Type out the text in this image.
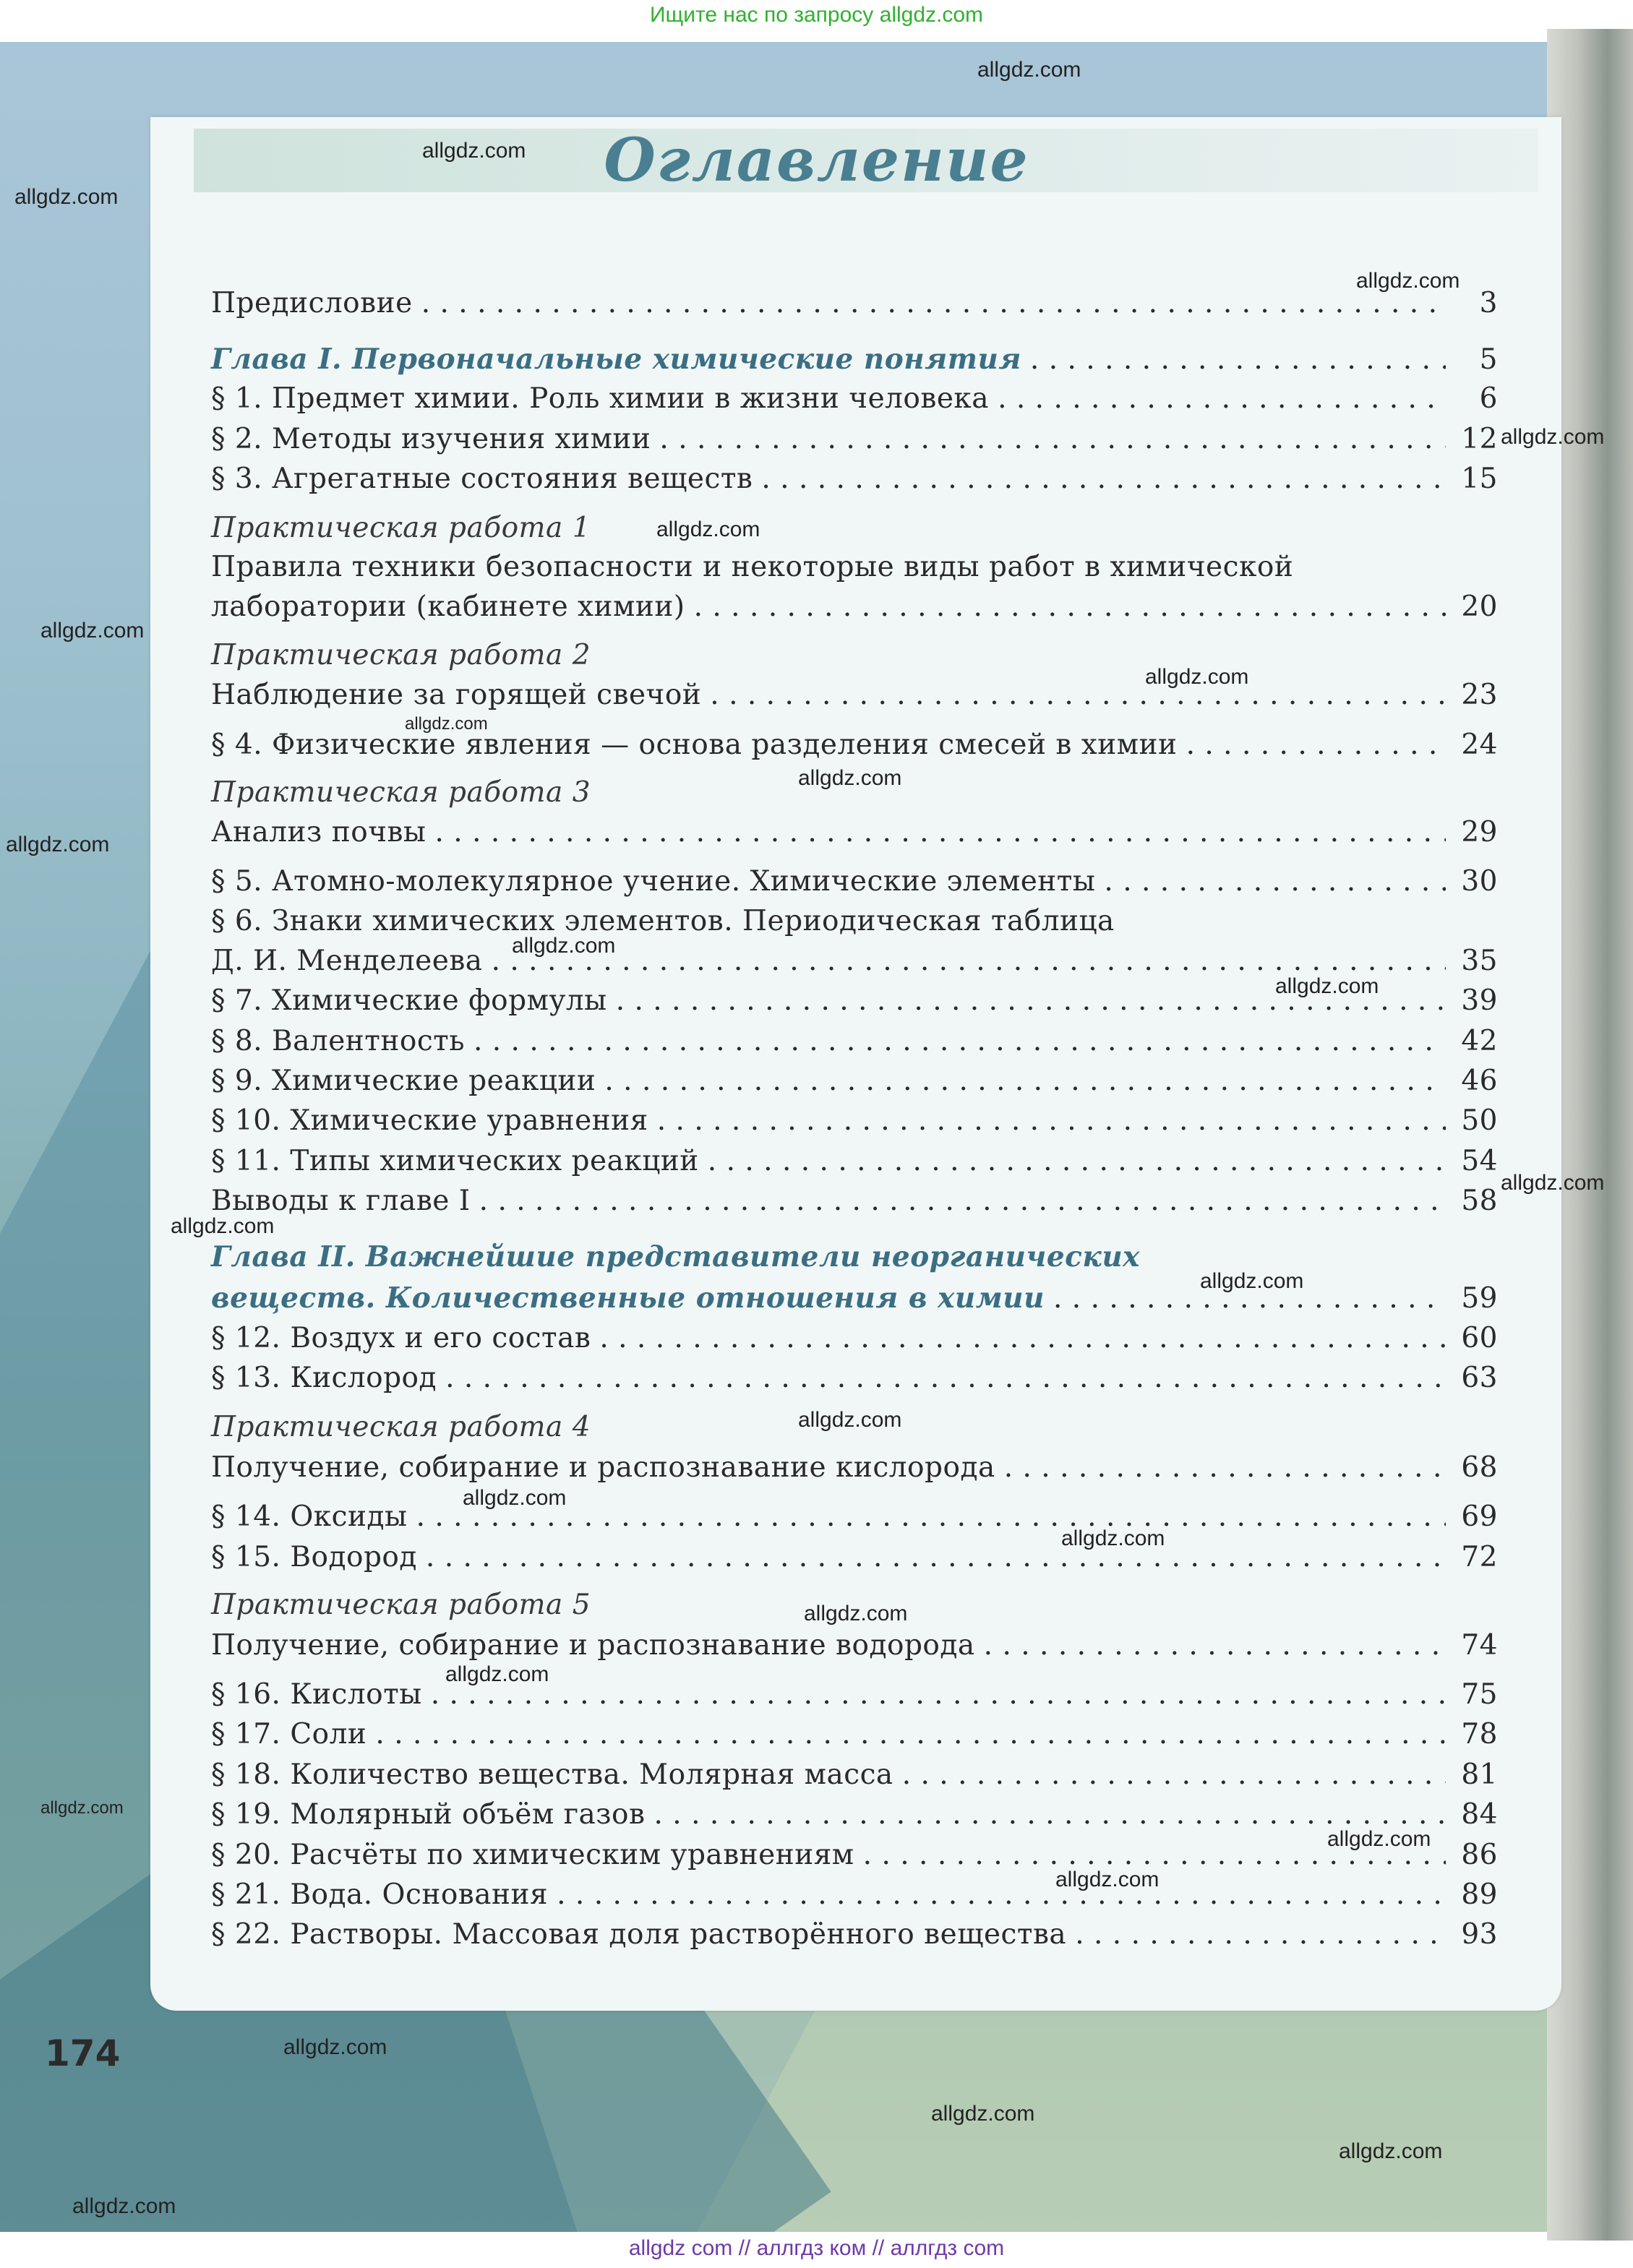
Оглавление
Ищите нас по запросу allgdz.com
Предисловие . . .	3
Глава I. Первоначальные химические понятия . . .	5
§ 1. Предмет химии. Роль химии в жизни человека . . .	6
§ 2. Методы изучения химии . . .	12
§ 3. Агрегатные состояния веществ . . .	15
Практическая работа 1
Правила техники безопасности и некоторые виды работ в химической
лаборатории (кабинете химии) . . .	20
Практическая работа 2
Наблюдение за горящей свечой . . .	23
§ 4. Физические явления — основа разделения смесей в химии . . .	24
Практическая работа 3
Анализ почвы . . .	29
§ 5. Атомно-молекулярное учение. Химические элементы . . .	30
§ 6. Знаки химических элементов. Периодическая таблица
Д. И. Менделеева . . .	35
§ 7. Химические формулы . . .	39
§ 8. Валентность . . .	42
§ 9. Химические реакции . . .	46
§ 10. Химические уравнения . . .	50
§ 11. Типы химических реакций . . .	54
Выводы к главе I . . .	58
Глава II. Важнейшие представители неорганических
веществ. Количественные отношения в химии . . .	59
§ 12. Воздух и его состав . . .	60
§ 13. Кислород . . .	63
Практическая работа 4
Получение, собирание и распознавание кислорода . . .	68
§ 14. Оксиды . . .	69
§ 15. Водород . . .	72
Практическая работа 5
Получение, собирание и распознавание водорода . . .	74
§ 16. Кислоты . . .	75
§ 17. Соли . . .	78
§ 18. Количество вещества. Молярная масса . . .	81
§ 19. Молярный объём газов . . .	84
§ 20. Расчёты по химическим уравнениям . . .	86
§ 21. Вода. Основания . . .	89
§ 22. Растворы. Массовая доля растворённого вещества . . .	93
174
allgdz.com
allgdz.com
allgdz.com
allgdz.com
allgdz.com
allgdz.com
allgdz.com
allgdz.com
allgdz.com
allgdz.com
allgdz.com
allgdz.com
allgdz.com
allgdz.com
allgdz.com
allgdz.com
allgdz.com
allgdz.com
allgdz.com
allgdz.com
allgdz.com
allgdz.com
allgdz.com
allgdz.com
allgdz.com
allgdz.com
allgdz.com
allgdz.com
allgdz com // аллгдз ком // аллгдз com
